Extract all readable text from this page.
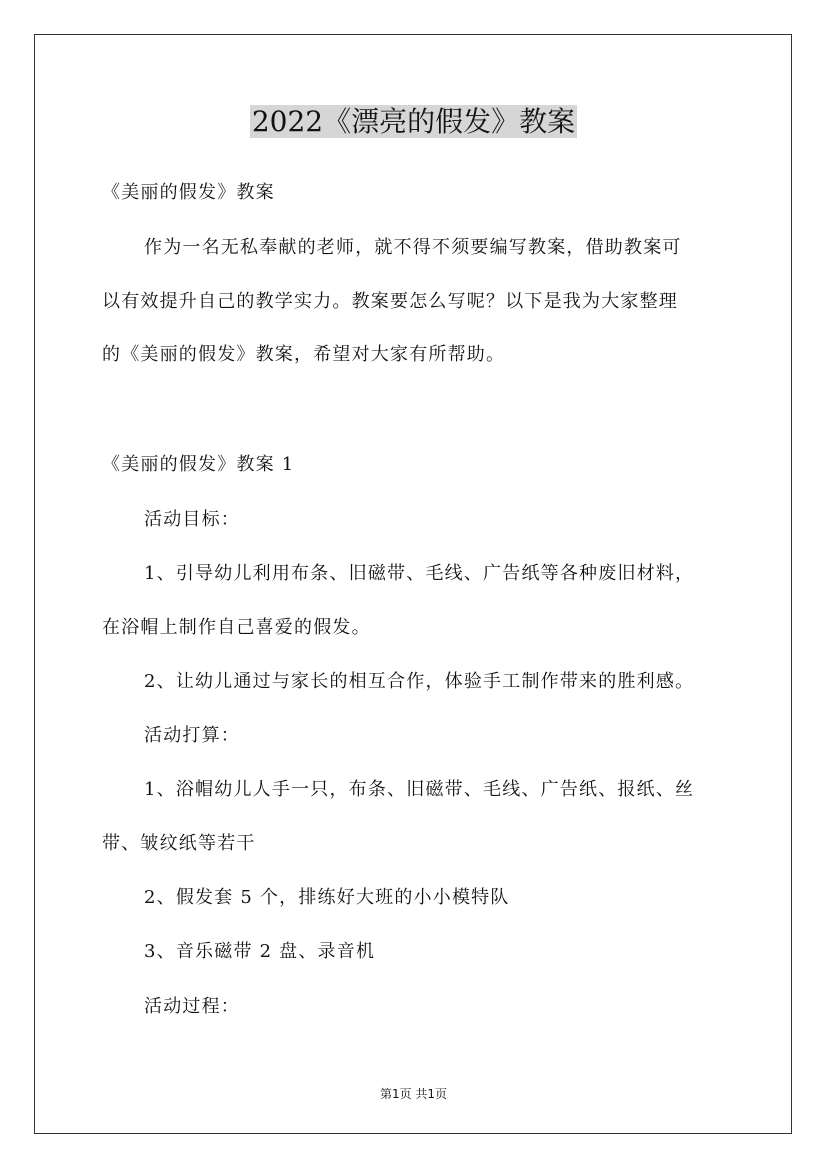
2022《漂亮的假发》教案
《美丽的假发》教案
作为一名无私奉献的老师，就不得不须要编写教案，借助教案可
以有效提升自己的教学实力。教案要怎么写呢？以下是我为大家整理
的《美丽的假发》教案，希望对大家有所帮助。
《美丽的假发》教案 1
活动目标：
1、引导幼儿利用布条、旧磁带、毛线、广告纸等各种废旧材料，
在浴帽上制作自己喜爱的假发。
2、让幼儿通过与家长的相互合作，体验手工制作带来的胜利感。
活动打算：
1、浴帽幼儿人手一只，布条、旧磁带、毛线、广告纸、报纸、丝
带、皱纹纸等若干
2、假发套 5 个，排练好大班的小小模特队
3、音乐磁带 2 盘、录音机
活动过程：
第1页 共1页
